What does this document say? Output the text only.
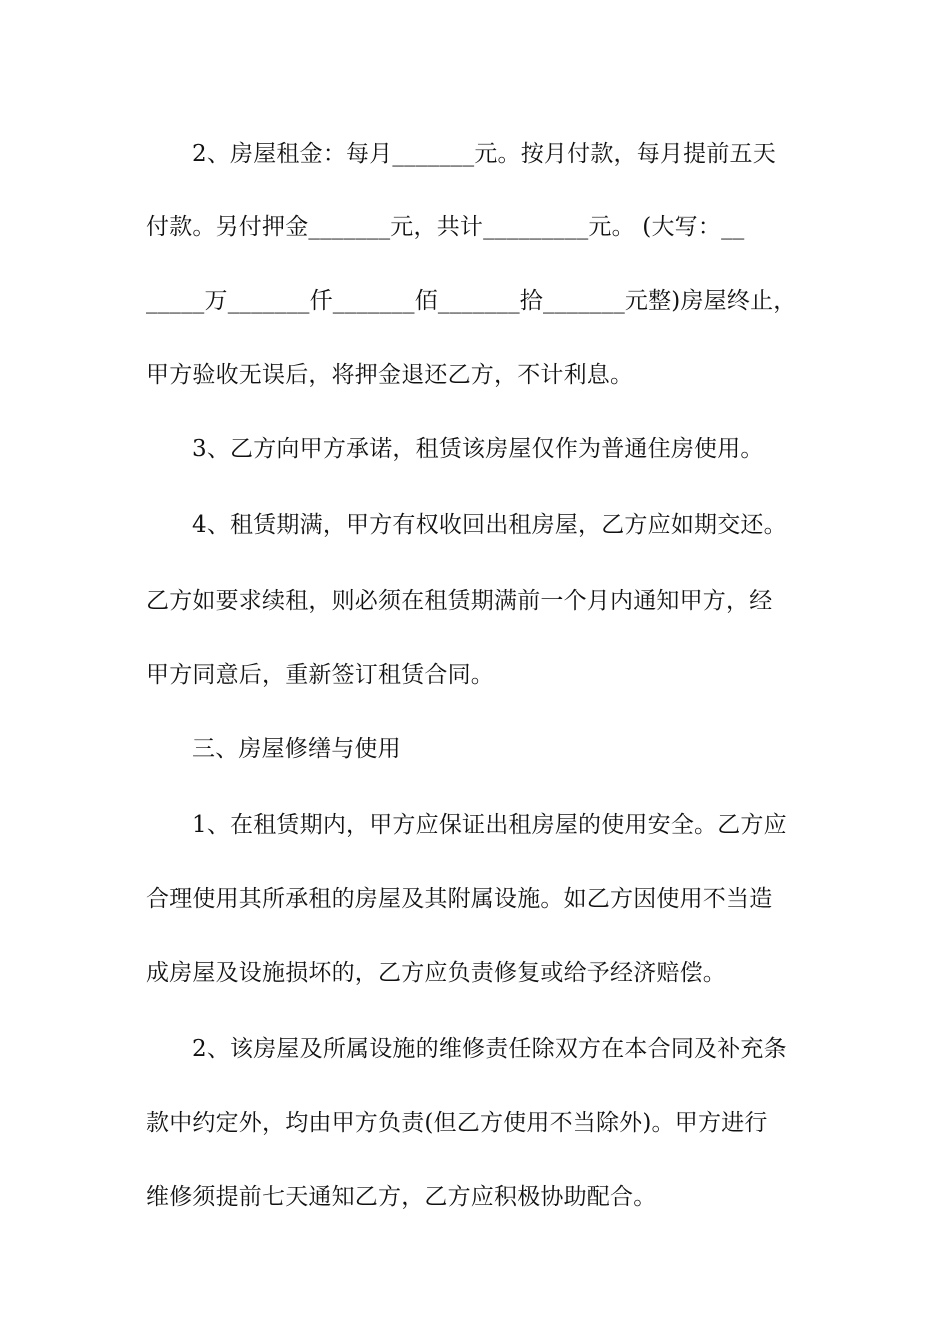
2、房屋租金：每月_______元。按月付款，每月提前五天
付款。另付押金_______元，共计_________元。 (大写：__
_____万_______仟_______佰_______拾_______元整)房屋终止，
甲方验收无误后，将押金退还乙方，不计利息。
3、乙方向甲方承诺，租赁该房屋仅作为普通住房使用。
4、租赁期满，甲方有权收回出租房屋，乙方应如期交还。
乙方如要求续租，则必须在租赁期满前一个月内通知甲方，经
甲方同意后，重新签订租赁合同。
三、房屋修缮与使用
1、在租赁期内，甲方应保证出租房屋的使用安全。乙方应
合理使用其所承租的房屋及其附属设施。如乙方因使用不当造
成房屋及设施损坏的，乙方应负责修复或给予经济赔偿。
2、该房屋及所属设施的维修责任除双方在本合同及补充条
款中约定外，均由甲方负责(但乙方使用不当除外)。甲方进行
维修须提前七天通知乙方，乙方应积极协助配合。
